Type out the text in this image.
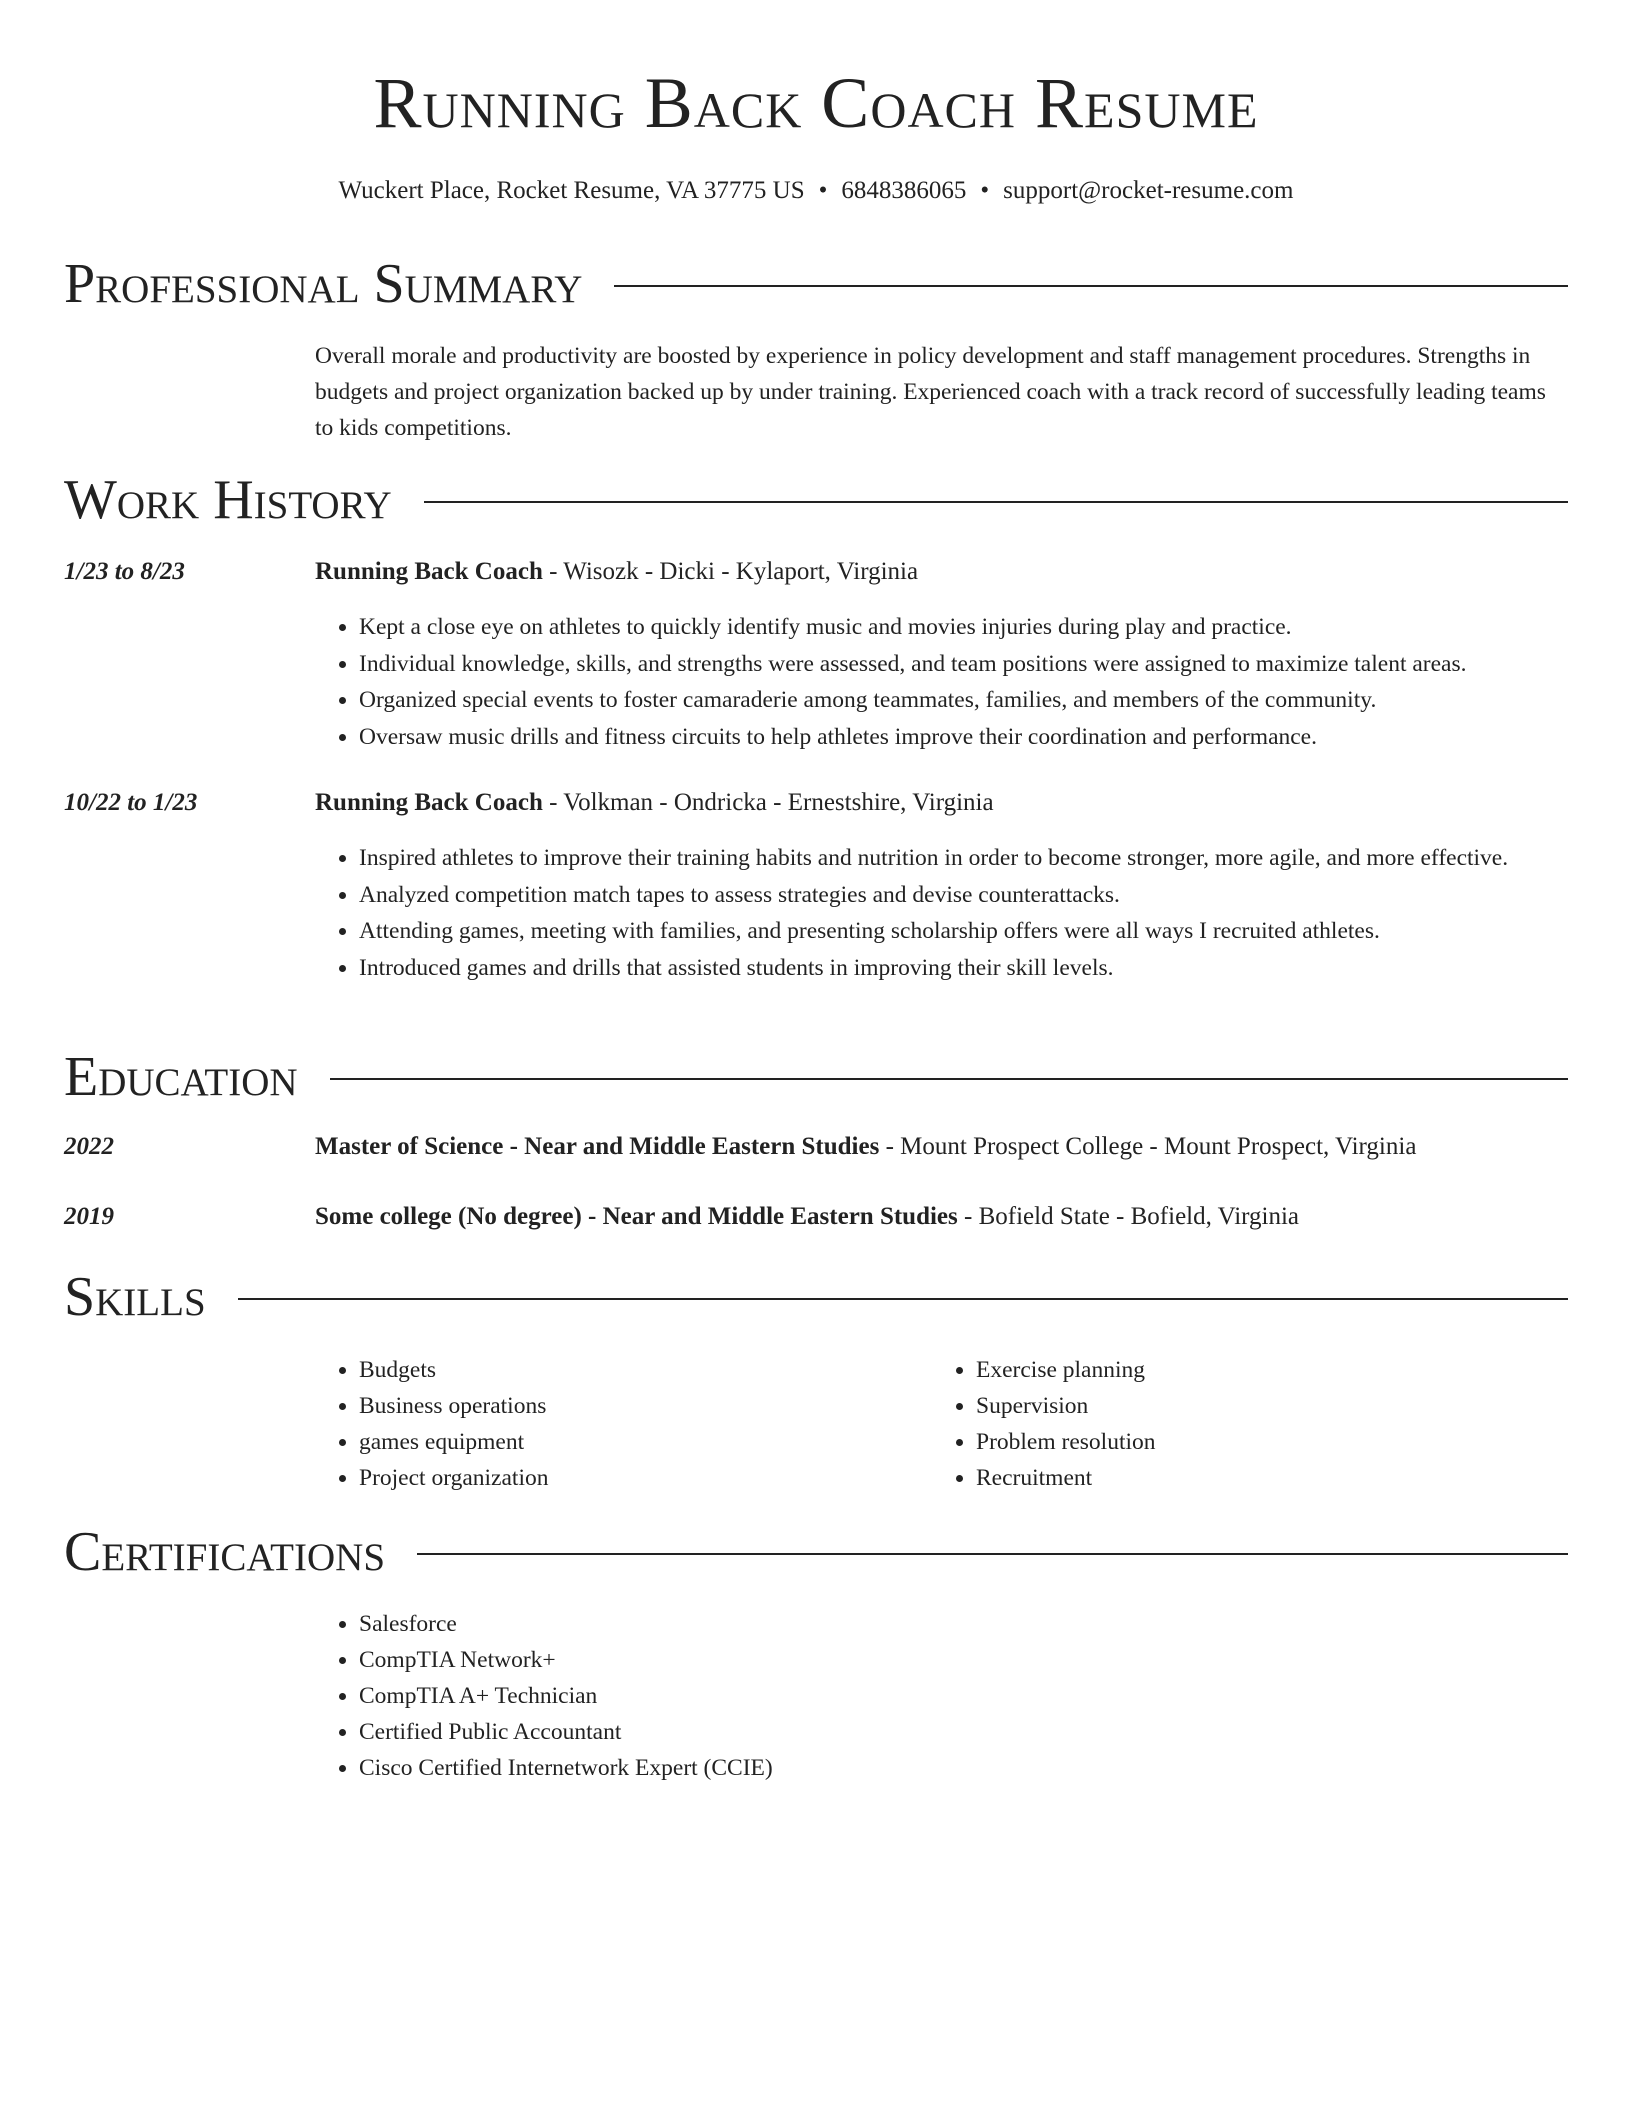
Running Back Coach Resume
Wuckert Place, Rocket Resume, VA 37775 US • 6848386065 • support@rocket-resume.com
Professional Summary

Overall morale and productivity are boosted by experience in policy development and staff management procedures. Strengths in budgets and project organization backed up by under training. Experienced coach with a track record of successfully leading teams to kids competitions.

Work History
1/23 to 8/23	Running Back Coach - Wisozk - Dicki - Kylaport, Virginia
• Kept a close eye on athletes to quickly identify music and movies injuries during play and practice.
• Individual knowledge, skills, and strengths were assessed, and team positions were assigned to maximize talent areas.
• Organized special events to foster camaraderie among teammates, families, and members of the community.
• Oversaw music drills and fitness circuits to help athletes improve their coordination and performance.
10/22 to 1/23	Running Back Coach - Volkman - Ondricka - Ernestshire, Virginia
• Inspired athletes to improve their training habits and nutrition in order to become stronger, more agile, and more effective.
• Analyzed competition match tapes to assess strategies and devise counterattacks.
• Attending games, meeting with families, and presenting scholarship offers were all ways I recruited athletes.
• Introduced games and drills that assisted students in improving their skill levels.
Education
2022	Master of Science - Near and Middle Eastern Studies - Mount Prospect College - Mount Prospect, Virginia
2019	Some college (No degree) - Near and Middle Eastern Studies - Bofield State - Bofield, Virginia
Skills
• Budgets
• Business operations
• games equipment
• Project organization
• Exercise planning
• Supervision
• Problem resolution
• Recruitment
Certifications
• Salesforce
• CompTIA Network+
• CompTIA A+ Technician
• Certified Public Accountant
• Cisco Certified Internetwork Expert (CCIE)
